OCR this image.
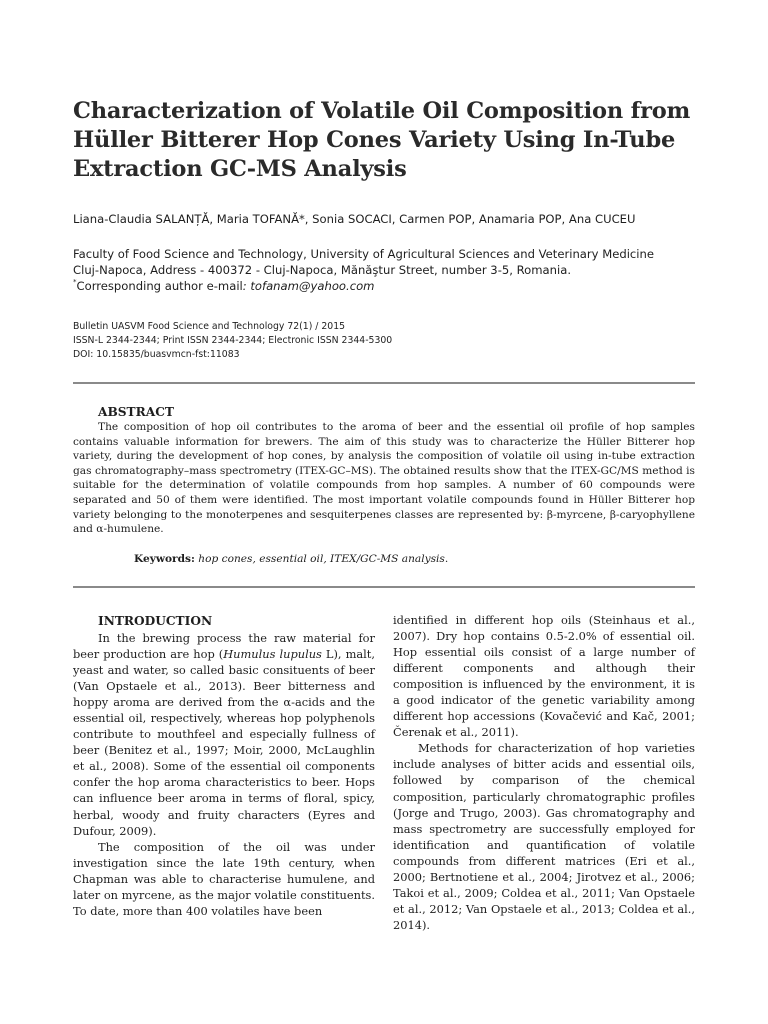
Characterization of Volatile Oil Composition from Hüller Bitterer Hop Cones Variety Using In-Tube Extraction GC-MS Analysis
Liana-Claudia SALANȚĂ, Maria TOFANĂ*, Sonia SOCACI, Carmen POP, Anamaria POP, Ana CUCEU
Faculty of Food Science and Technology, University of Agricultural Sciences and Veterinary Medicine
Cluj-Napoca, Address - 400372 - Cluj-Napoca, Mănăştur Street, number 3-5, Romania.
*Corresponding author e-mail: tofanam@yahoo.com
Bulletin UASVM Food Science and Technology 72(1) / 2015
ISSN-L 2344-2344; Print ISSN 2344-2344; Electronic ISSN 2344-5300
DOI: 10.15835/buasvmcn-fst:11083
ABSTRACT

The composition of hop oil contributes to the aroma of beer and the essential oil profile of hop samples contains valuable information for brewers. The aim of this study was to characterize the Hüller Bitterer hop variety, during the development of hop cones, by analysis the composition of volatile oil using in-tube extraction gas chromatography–mass spectrometry (ITEX-GC–MS). The obtained results show that the ITEX-GC/MS method is suitable for the determination of volatile compounds from hop samples. A number of 60 compounds were separated and 50 of them were identified. The most important volatile compounds found in Hüller Bitterer hop variety belonging to the monoterpenes and sesquiterpenes classes are represented by: β-myrcene, β-caryophyllene and α-humulene.

Keywords: hop cones, essential oil, ITEX/GC-MS analysis.
INTRODUCTION

In the brewing process the raw material for beer production are hop (Humulus lupulus L), malt, yeast and water, so called basic consituents of beer (Van Opstaele et al., 2013). Beer bitterness and hoppy aroma are derived from the α-acids and the essential oil, respectively, whereas hop polyphenols contribute to mouthfeel and especially fullness of beer (Benitez et al., 1997; Moir, 2000, McLaughlin et al., 2008). Some of the essential oil components confer the hop aroma characteristics to beer. Hops can influence beer aroma in terms of floral, spicy, herbal, woody and fruity characters (Eyres and Dufour, 2009).

The composition of the oil was under investigation since the late 19th century, when Chapman was able to characterise humulene, and later on myrcene, as the major volatile constituents. To date, more than 400 volatiles have been

identified in different hop oils (Steinhaus et al., 2007). Dry hop contains 0.5-2.0% of essential oil. Hop essential oils consist of a large number of different components and although their composition is influenced by the environment, it is a good indicator of the genetic variability among different hop accessions (Kovačević and Kač, 2001; Čerenak et al., 2011).

Methods for characterization of hop varieties include analyses of bitter acids and essential oils, followed by comparison of the chemical composition, particularly chromatographic profiles (Jorge and Trugo, 2003). Gas chromatography and mass spectrometry are successfully employed for identification and quantification of volatile compounds from different matrices (Eri et al., 2000; Bertnotiene et al., 2004; Jirotvez et al., 2006; Takoi et al., 2009; Coldea et al., 2011; Van Opstaele et al., 2012; Van Opstaele et al., 2013; Coldea et al., 2014).
